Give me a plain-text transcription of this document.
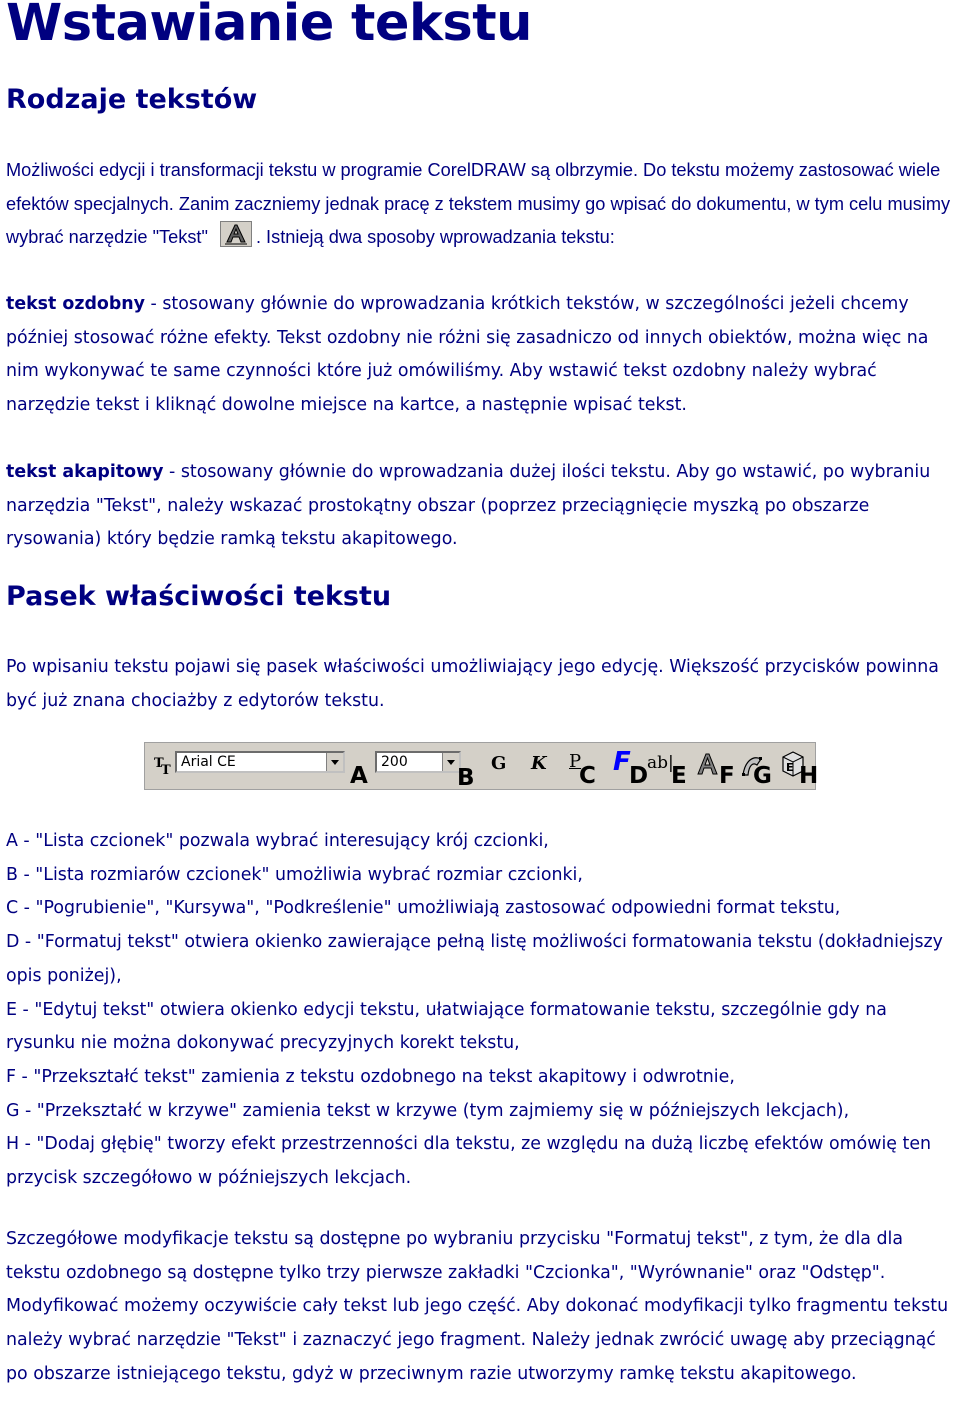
Wstawianie tekstu
Rodzaje tekstów

Możliwości edycji i transformacji tekstu w programie CorelDRAW są olbrzymie. Do tekstu możemy zastosować wiele efektów specjalnych. Zanim zaczniemy jednak pracę z tekstem musimy go wpisać do dokumentu, w tym celu musimy wybrać narzędzie "Tekst"	. Istnieją dwa sposoby wprowadzania tekstu:

tekst ozdobny - stosowany głównie do wprowadzania krótkich tekstów, w szczególności jeżeli chcemy później stosować różne efekty. Tekst ozdobny nie różni się zasadniczo od innych obiektów, można więc na nim wykonywać te same czynności które już omówiliśmy. Aby wstawić tekst ozdobny należy wybrać narzędzie tekst i kliknąć dowolne miejsce na kartce, a następnie wpisać tekst.

tekst akapitowy - stosowany głównie do wprowadzania dużej ilości tekstu. Aby go wstawić, po wybraniu narzędzia "Tekst", należy wskazać prostokątny obszar (poprzez przeciągnięcie myszką po obszarze rysowania) który będzie ramką tekstu akapitowego.

Pasek właściwości tekstu

Po wpisaniu tekstu pojawi się pasek właściwości umożliwiający jego edycję. Większość przycisków powinna być już znana chociażby z edytorów tekstu.

T
T
Arial CE
A
200
B
G K P
C F
D
ab|
E F G E H
A - "Lista czcionek" pozwala wybrać interesujący krój czcionki,
B - "Lista rozmiarów czcionek" umożliwia wybrać rozmiar czcionki,
C - "Pogrubienie", "Kursywa", "Podkreślenie" umożliwiają zastosować odpowiedni format tekstu,
D - "Formatuj tekst" otwiera okienko zawierające pełną listę możliwości formatowania tekstu (dokładniejszy opis poniżej),
E - "Edytuj tekst" otwiera okienko edycji tekstu, ułatwiające formatowanie tekstu, szczególnie gdy na rysunku nie można dokonywać precyzyjnych korekt tekstu,
F - "Przekształć tekst" zamienia z tekstu ozdobnego na tekst akapitowy i odwrotnie,
G - "Przekształć w krzywe" zamienia tekst w krzywe (tym zajmiemy się w późniejszych lekcjach),
H - "Dodaj głębię" tworzy efekt przestrzenności dla tekstu, ze względu na dużą liczbę efektów omówię ten przycisk szczegółowo w późniejszych lekcjach.

Szczegółowe modyfikacje tekstu są dostępne po wybraniu przycisku "Formatuj tekst", z tym, że dla dla tekstu ozdobnego są dostępne tylko trzy pierwsze zakładki "Czcionka", "Wyrównanie" oraz "Odstęp". Modyfikować możemy oczywiście cały tekst lub jego część. Aby dokonać modyfikacji tylko fragmentu tekstu należy wybrać narzędzie "Tekst" i zaznaczyć jego fragment. Należy jednak zwrócić uwagę aby przeciągnąć po obszarze istniejącego tekstu, gdyż w przeciwnym razie utworzymy ramkę tekstu akapitowego.
